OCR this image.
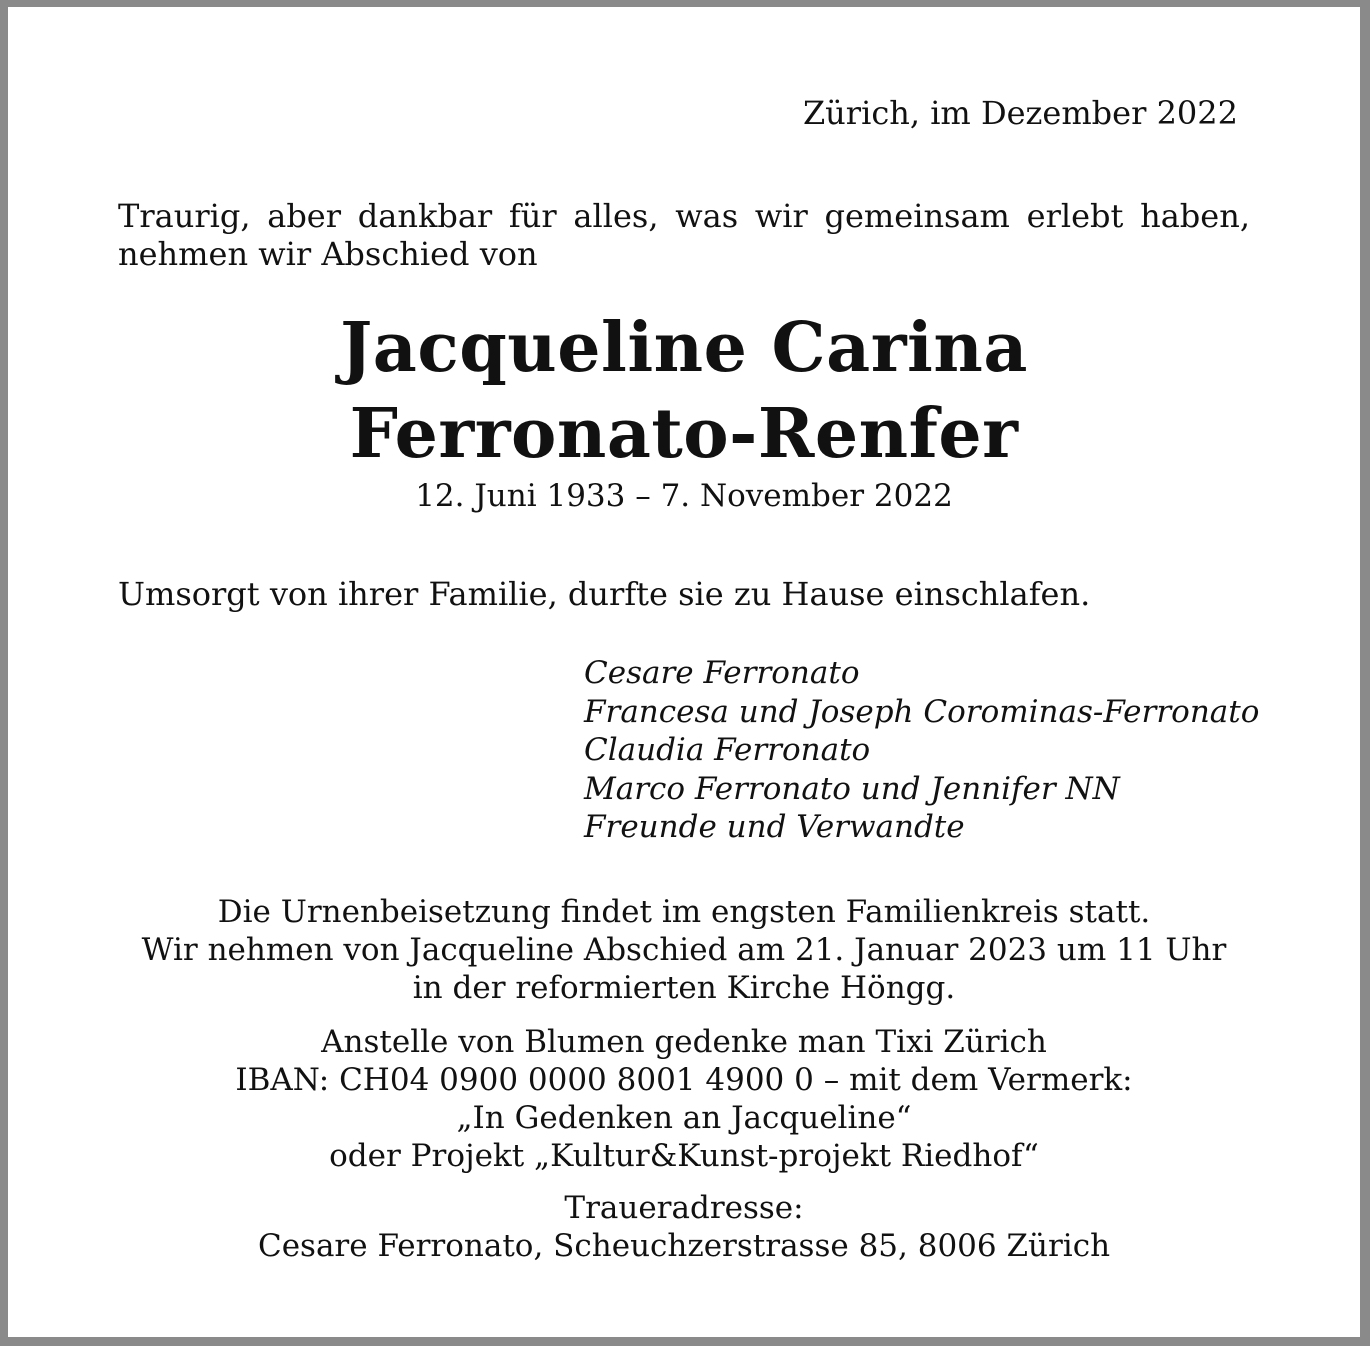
Zürich, im Dezember 2022
Traurig, aber dankbar für alles, was wir gemeinsam erlebt haben,
nehmen wir Abschied von
Jacqueline Carina
Ferronato-Renfer
12. Juni 1933 – 7. November 2022
Umsorgt von ihrer Familie, durfte sie zu Hause einschlafen.
Cesare Ferronato
Francesa und Joseph Corominas-Ferronato
Claudia Ferronato
Marco Ferronato und Jennifer NN
Freunde und Verwandte
Die Urnenbeisetzung findet im engsten Familienkreis statt.
Wir nehmen von Jacqueline Abschied am 21. Januar 2023 um 11 Uhr
in der reformierten Kirche Höngg.
Anstelle von Blumen gedenke man Tixi Zürich
IBAN: CH04 0900 0000 8001 4900 0 – mit dem Vermerk:
„In Gedenken an Jacqueline“
oder Projekt „Kultur&Kunst-projekt Riedhof“
Traueradresse:
Cesare Ferronato, Scheuchzerstrasse 85, 8006 Zürich
